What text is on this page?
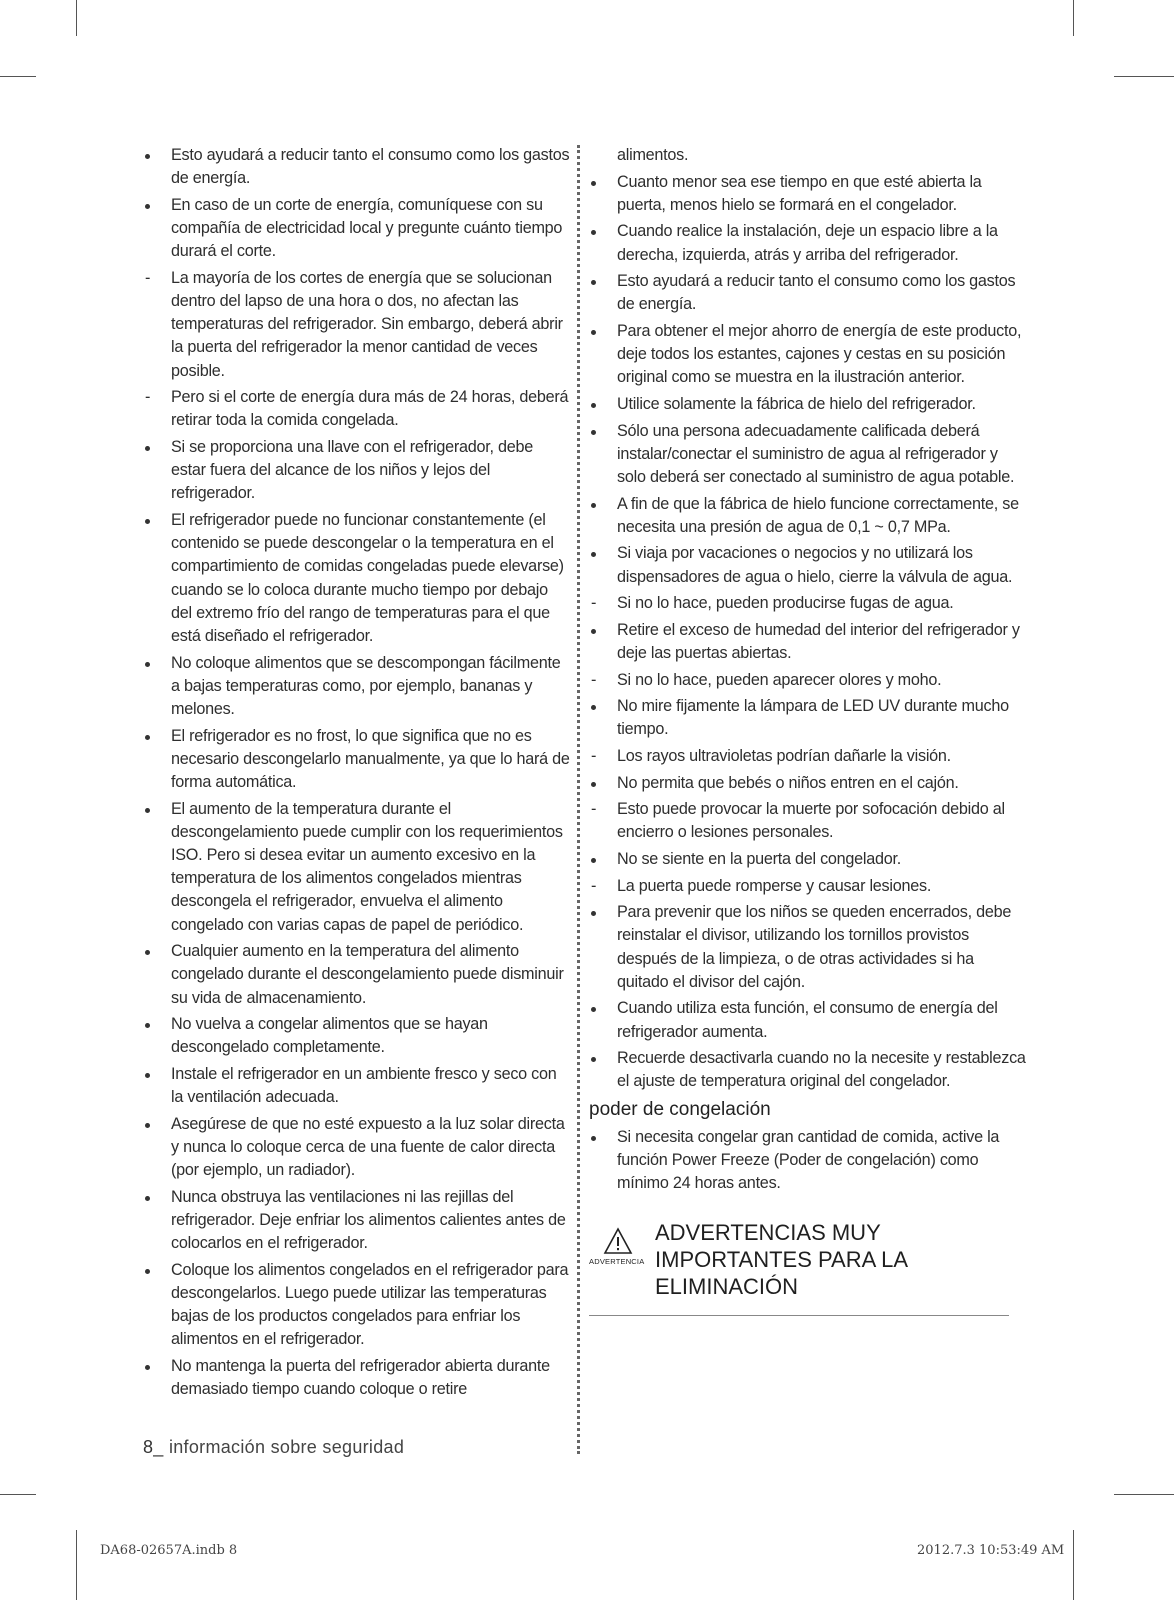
Esto ayudará a reducir tanto el consumo como los gastos de energía.
En caso de un corte de energía, comuníquese con su compañía de electricidad local y pregunte cuánto tiempo durará el corte.
La mayoría de los cortes de energía que se solucionan dentro del lapso de una hora o dos, no afectan las temperaturas del refrigerador. Sin embargo, deberá abrir la puerta del refrigerador la menor cantidad de veces posible.
Pero si el corte de energía dura más de 24 horas, deberá retirar toda la comida congelada.
Si se proporciona una llave con el refrigerador, debe estar fuera del alcance de los niños y lejos del refrigerador.
El refrigerador puede no funcionar constantemente (el contenido se puede descongelar o la temperatura en el compartimiento de comidas congeladas puede elevarse) cuando se lo coloca durante mucho tiempo por debajo del extremo frío del rango de temperaturas para el que está diseñado el refrigerador.
No coloque alimentos que se descompongan fácilmente a bajas temperaturas como, por ejemplo, bananas y melones.
El refrigerador es no frost, lo que significa que no es necesario descongelarlo manualmente, ya que lo hará de forma automática.
El aumento de la temperatura durante el descongelamiento puede cumplir con los requerimientos ISO. Pero si desea evitar un aumento excesivo en la temperatura de los alimentos congelados mientras descongela el refrigerador, envuelva el alimento congelado con varias capas de papel de periódico.
Cualquier aumento en la temperatura del alimento congelado durante el descongelamiento puede disminuir su vida de almacenamiento.
No vuelva a congelar alimentos que se hayan descongelado completamente.
Instale el refrigerador en un ambiente fresco y seco con la ventilación adecuada.
Asegúrese de que no esté expuesto a la luz solar directa y nunca lo coloque cerca de una fuente de calor directa (por ejemplo, un radiador).
Nunca obstruya las ventilaciones ni las rejillas del refrigerador. Deje enfriar los alimentos calientes antes de colocarlos en el refrigerador.
Coloque los alimentos congelados en el refrigerador para descongelarlos. Luego puede utilizar las temperaturas bajas de los productos congelados para enfriar los alimentos en el refrigerador.
No mantenga la puerta del refrigerador abierta durante demasiado tiempo cuando coloque o retire
alimentos.
Cuanto menor sea ese tiempo en que esté abierta la puerta, menos hielo se formará en el congelador.
Cuando realice la instalación, deje un espacio libre a la derecha, izquierda, atrás y arriba del refrigerador.
Esto ayudará a reducir tanto el consumo como los gastos de energía.
Para obtener el mejor ahorro de energía de este producto, deje todos los estantes, cajones y cestas en su posición original como se muestra en la ilustración anterior.
Utilice solamente la fábrica de hielo del refrigerador.
Sólo una persona adecuadamente calificada deberá instalar/conectar el suministro de agua al refrigerador y solo deberá ser conectado al suministro de agua potable.
A fin de que la fábrica de hielo funcione correctamente, se necesita una presión de agua de 0,1 ~ 0,7 MPa.
Si viaja por vacaciones o negocios y no utilizará los dispensadores de agua o hielo, cierre la válvula de agua.
Si no lo hace, pueden producirse fugas de agua.
Retire el exceso de humedad del interior del refrigerador y deje las puertas abiertas.
Si no lo hace, pueden aparecer olores y moho.
No mire fijamente la lámpara de LED UV durante mucho tiempo.
Los rayos ultravioletas podrían dañarle la visión.
No permita que bebés o niños entren en el cajón.
Esto puede provocar la muerte por sofocación debido al encierro o lesiones personales.
No se siente en la puerta del congelador.
La puerta puede romperse y causar lesiones.
Para prevenir que los niños se queden encerrados, debe reinstalar el divisor, utilizando los tornillos provistos después de la limpieza, o de otras actividades si ha quitado el divisor del cajón.
Cuando utiliza esta función, el consumo de energía del refrigerador aumenta.
Recuerde desactivarla cuando no la necesite y restablezca el ajuste de temperatura original del congelador.
poder de congelación
Si necesita congelar gran cantidad de comida, active la función Power Freeze (Poder de congelación) como mínimo 24 horas antes.
ADVERTENCIA
ADVERTENCIAS MUY
IMPORTANTES PARA LA
ELIMINACIÓN
8_ información sobre seguridad
DA68-02657A.indb 8	2012.7.3 10:53:49 AM
